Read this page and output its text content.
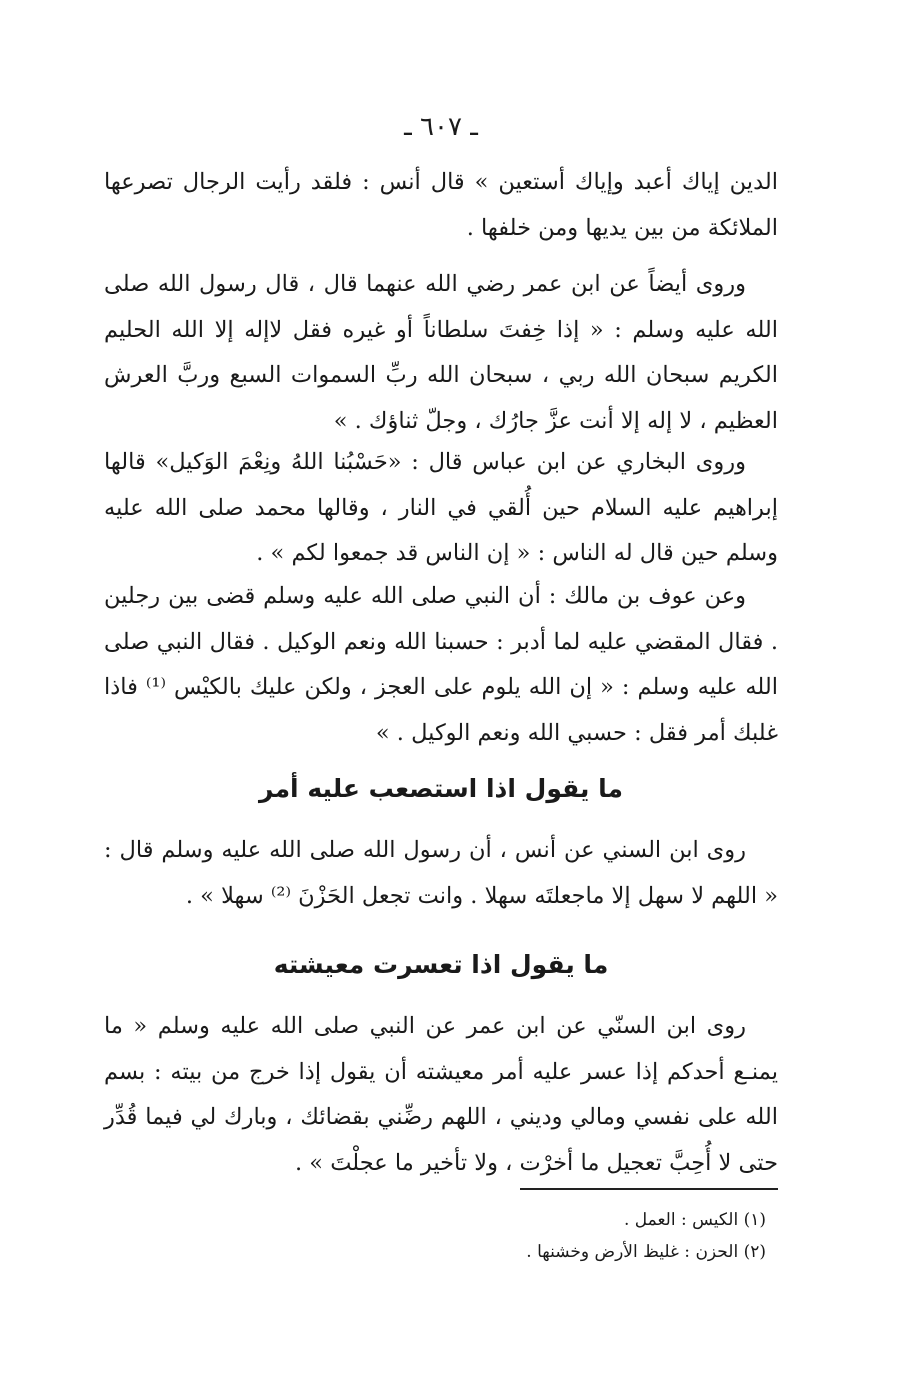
ـ ٦٠٧ ـ

الدين إياك أعبد وإياك أستعين » قال أنس : فلقد رأيت الرجال تصرعها الملائكة من بين يديها ومن خلفها .

وروى أيضاً عن ابن عمر رضي الله عنهما قال ، قال رسول الله صلى الله عليه وسلم : « إذا خِفتَ سلطاناً أو غيره فقل لاإله إلا الله الحليم الكريم سبحان الله ربي ، سبحان الله ربِّ السموات السبع وربَّ العرش العظيم ، لا إله إلا أنت عزَّ جارُك ، وجلّ ثناؤك . »

وروى البخاري عن ابن عباس قال : «حَسْبُنا اللهُ ونِعْمَ الوَكيل» قالها إبراهيم عليه السلام حين أُلقي في النار ، وقالها محمد صلى الله عليه وسلم حين قال له الناس : « إن الناس قد جمعوا لكم » .

وعن عوف بن مالك : أن النبي صلى الله عليه وسلم قضى بين رجلين . فقال المقضي عليه لما أدبر : حسبنا الله ونعم الوكيل . فقال النبي صلى الله عليه وسلم : « إن الله يلوم على العجز ، ولكن عليك بالكيْس ⁽¹⁾ فاذا غلبك أمر فقل : حسبي الله ونعم الوكيل . »

ما يقول اذا استصعب عليه أمر

روى ابن السني عن أنس ، أن رسول الله صلى الله عليه وسلم قال : « اللهم لا سهل إلا ماجعلتَه سهلا . وانت تجعل الحَزْنَ ⁽²⁾ سهلا » .

ما يقول اذا تعسرت معيشته

روى ابن السنّي عن ابن عمر عن النبي صلى الله عليه وسلم « ما يمنـع أحدكم إذا عسر عليه أمر معيشته أن يقول إذا خرج من بيته : بسم الله على نفسي ومالي وديني ، اللهم رضِّني بقضائك ، وبارك لي فيما قُدِّر حتى لا أُحِبَّ تعجيل ما أخرْت ، ولا تأخير ما عجلْتَ » .

(١) الكيس : العمل .

(٢) الحزن : غليظ الأرض وخشنها .
